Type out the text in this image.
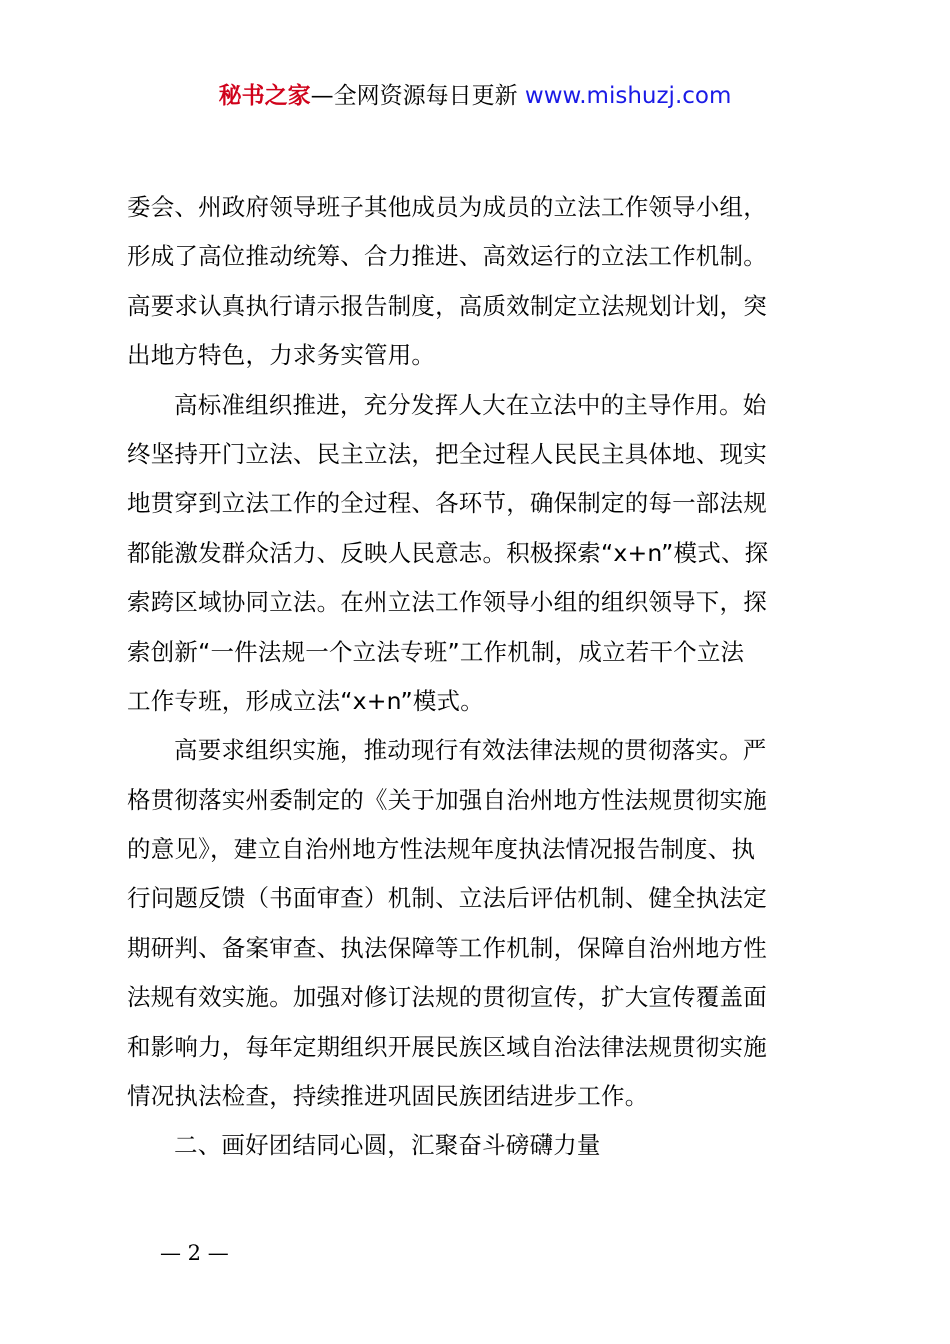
秘书之家—全网资源每日更新 www.mishuzj.com
委会、州政府领导班子其他成员为成员的立法工作领导小组，
形成了高位推动统筹、合力推进、高效运行的立法工作机制。
高要求认真执行请示报告制度，高质效制定立法规划计划，突
出地方特色，力求务实管用。
高标准组织推进，充分发挥人大在立法中的主导作用。始
终坚持开门立法、民主立法，把全过程人民民主具体地、现实
地贯穿到立法工作的全过程、各环节，确保制定的每一部法规
都能激发群众活力、反映人民意志。积极探索“x+n”模式、探
索跨区域协同立法。在州立法工作领导小组的组织领导下，探
索创新“一件法规一个立法专班”工作机制，成立若干个立法
工作专班，形成立法“x+n”模式。
高要求组织实施，推动现行有效法律法规的贯彻落实。严
格贯彻落实州委制定的《关于加强自治州地方性法规贯彻实施
的意见》，建立自治州地方性法规年度执法情况报告制度、执
行问题反馈（书面审查）机制、立法后评估机制、健全执法定
期研判、备案审查、执法保障等工作机制，保障自治州地方性
法规有效实施。加强对修订法规的贯彻宣传，扩大宣传覆盖面
和影响力，每年定期组织开展民族区域自治法律法规贯彻实施
情况执法检查，持续推进巩固民族团结进步工作。
二、画好团结同心圆，汇聚奋斗磅礴力量
— 2 —
